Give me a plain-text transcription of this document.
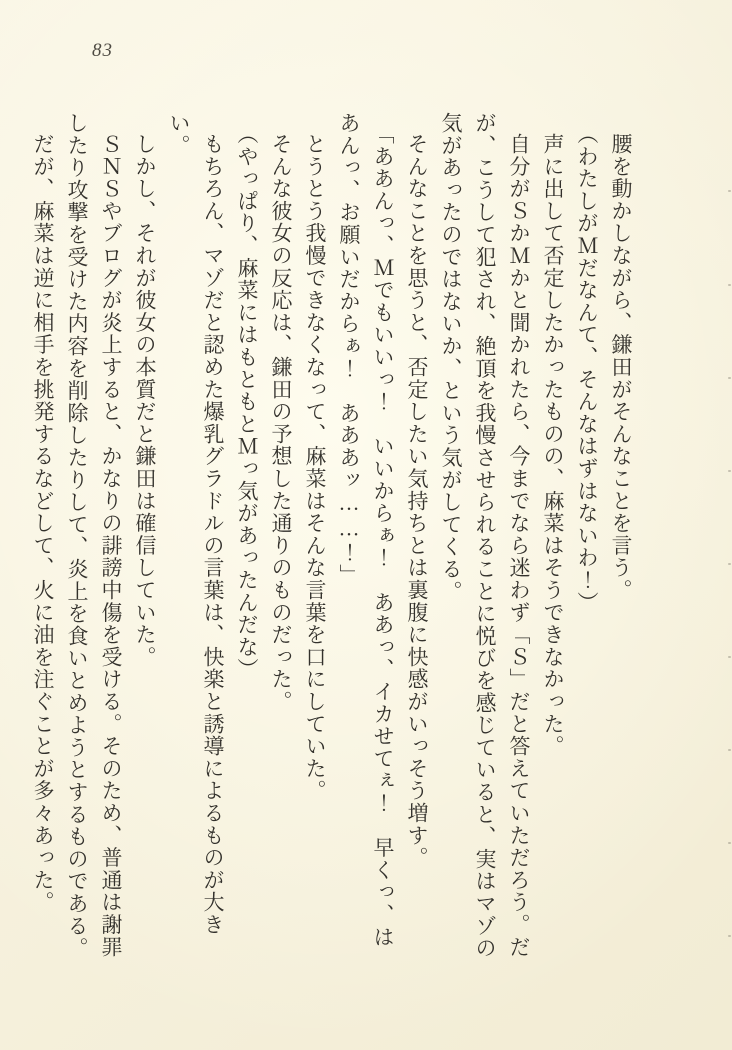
83

腰を動かしながら、鎌田がそんなことを言う。

（わたしがＭだなんて、そんなはずはないわ！）

声に出して否定したかったものの、麻菜はそうできなかった。

自分がＳかＭかと聞かれたら、今までなら迷わず「Ｓ」だと答えていただろう。だが、こうして犯され、絶頂を我慢させられることに悦びを感じていると、実はマゾの気があったのではないか、という気がしてくる。

そんなことを思うと、否定したい気持ちとは裏腹に快感がいっそう増す。

「ああんっ、Ｍでもいいっ！　いいからぁ！　ああっ、イカせてぇ！　早くっ、はあんっ、お願いだからぁ！　あああッ……！」

とうとう我慢できなくなって、麻菜はそんな言葉を口にしていた。

そんな彼女の反応は、鎌田の予想した通りのものだった。

（やっぱり、麻菜にはもともとＭっ気があったんだな）

もちろん、マゾだと認めた爆乳グラドルの言葉は、快楽と誘導によるものが大きい。

しかし、それが彼女の本質だと鎌田は確信していた。

ＳＮＳやブログが炎上すると、かなりの誹謗中傷を受ける。そのため、普通は謝罪したり攻撃を受けた内容を削除したりして、炎上を食いとめようとするものである。

だが、麻菜は逆に相手を挑発するなどして、火に油を注ぐことが多々あった。
